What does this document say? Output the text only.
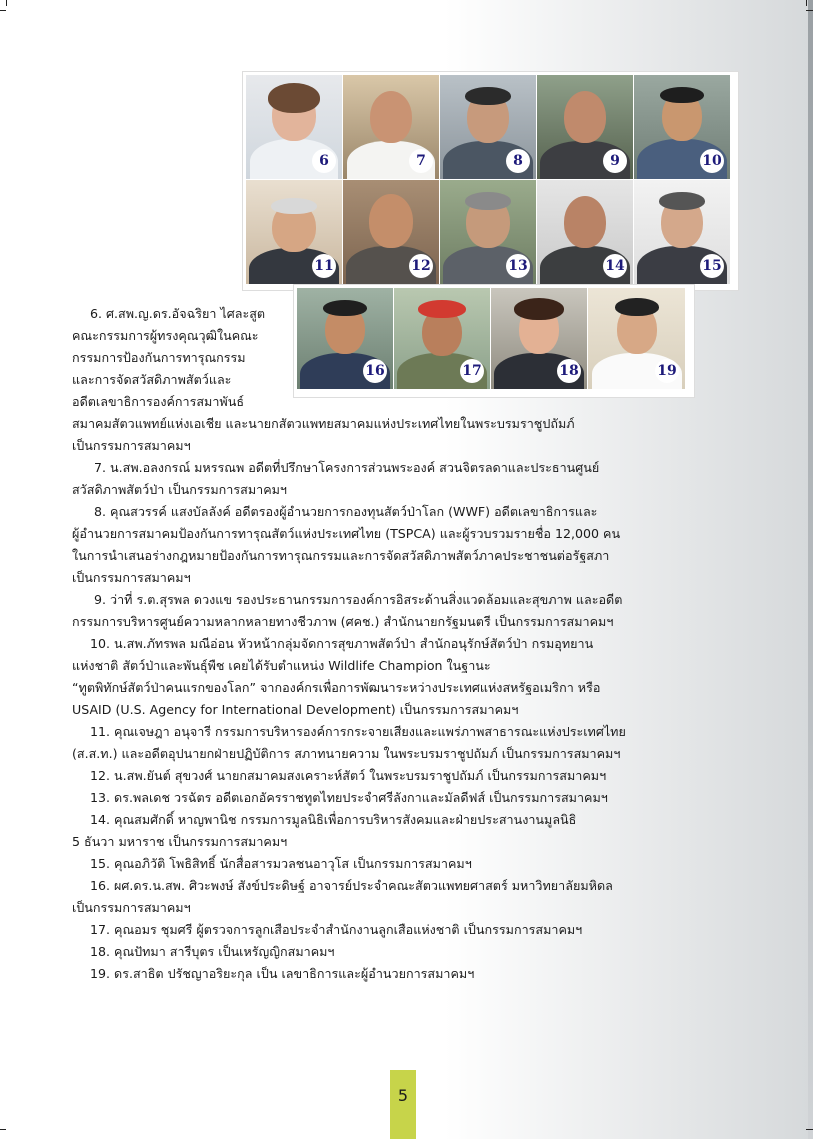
6	7	8	9	10
11	12	13	14	15
16	17	18	19
6. ศ.สพ.ญ.ดร.อัจฉริยา ไศละสูต
คณะกรรมการผู้ทรงคุณวุฒิในคณะ
กรรมการป้องกันการทารุณกรรม
และการจัดสวัสดิภาพสัตว์และ
อดีตเลขาธิการองค์การสมาพันธ์
สมาคมสัตวแพทย์แห่งเอเชีย และนายกสัตวแพทยสมาคมแห่งประเทศไทยในพระบรมราชูปถัมภ์
เป็นกรรมการสมาคมฯ
7. น.สพ.อลงกรณ์ มหรรณพ อดีตที่ปรึกษาโครงการส่วนพระองค์ สวนจิตรลดาและประธานศูนย์
สวัสดิภาพสัตว์ป่า เป็นกรรมการสมาคมฯ
8. คุณสวรรค์ แสงบัลลังค์ อดีตรองผู้อำนวยการกองทุนสัตว์ป่าโลก (WWF) อดีตเลขาธิการและ
ผู้อำนวยการสมาคมป้องกันการทารุณสัตว์แห่งประเทศไทย (TSPCA) และผู้รวบรวมรายชื่อ 12,000 คน
ในการนำเสนอร่างกฎหมายป้องกันการทารุณกรรมและการจัดสวัสดิภาพสัตว์ภาคประชาชนต่อรัฐสภา
เป็นกรรมการสมาคมฯ
9. ว่าที่ ร.ต.สุรพล ดวงแข รองประธานกรรมการองค์การอิสระด้านสิ่งแวดล้อมและสุขภาพ และอดีต
กรรมการบริหารศูนย์ความหลากหลายทางชีวภาพ (ศคช.) สำนักนายกรัฐมนตรี เป็นกรรมการสมาคมฯ
10. น.สพ.ภัทรพล มณีอ่อน หัวหน้ากลุ่มจัดการสุขภาพสัตว์ป่า สำนักอนุรักษ์สัตว์ป่า กรมอุทยาน
แห่งชาติ สัตว์ป่าและพันธุ์พืช เคยได้รับตำแหน่ง Wildlife Champion ในฐานะ
“ทูตพิทักษ์สัตว์ป่าคนแรกของโลก” จากองค์กรเพื่อการพัฒนาระหว่างประเทศแห่งสหรัฐอเมริกา หรือ
USAID (U.S. Agency for International Development) เป็นกรรมการสมาคมฯ
11. คุณเจษฎา อนุจารี กรรมการบริหารองค์การกระจายเสียงและแพร่ภาพสาธารณะแห่งประเทศไทย
(ส.ส.ท.) และอดีตอุปนายกฝ่ายปฏิบัติการ สภาทนายความ ในพระบรมราชูปถัมภ์ เป็นกรรมการสมาคมฯ
12. น.สพ.ยันต์ สุขวงศ์ นายกสมาคมสงเคราะห์สัตว์ ในพระบรมราชูปถัมภ์ เป็นกรรมการสมาคมฯ
13. ดร.พลเดช วรฉัตร อดีตเอกอัครราชทูตไทยประจำศรีลังกาและมัลดีฟส์ เป็นกรรมการสมาคมฯ
14. คุณสมศักดิ์ หาญพานิช กรรมการมูลนิธิเพื่อการบริหารสังคมและฝ่ายประสานงานมูลนิธิ
5 ธันวา มหาราช เป็นกรรมการสมาคมฯ
15. คุณอภิวัติ โพธิสิทธิ์ นักสื่อสารมวลชนอาวุโส เป็นกรรมการสมาคมฯ
16. ผศ.ดร.น.สพ. ศิวะพงษ์ สังข์ประดิษฐ์ อาจารย์ประจำคณะสัตวแพทยศาสตร์ มหาวิทยาลัยมหิดล
เป็นกรรมการสมาคมฯ
17. คุณอมร ชุมศรี ผู้ตรวจการลูกเสือประจำสำนักงานลูกเสือแห่งชาติ เป็นกรรมการสมาคมฯ
18. คุณปัทมา สารีบุตร เป็นเหรัญญิกสมาคมฯ
19. ดร.สาธิต ปรัชญาอริยะกุล เป็น เลขาธิการและผู้อำนวยการสมาคมฯ
5
